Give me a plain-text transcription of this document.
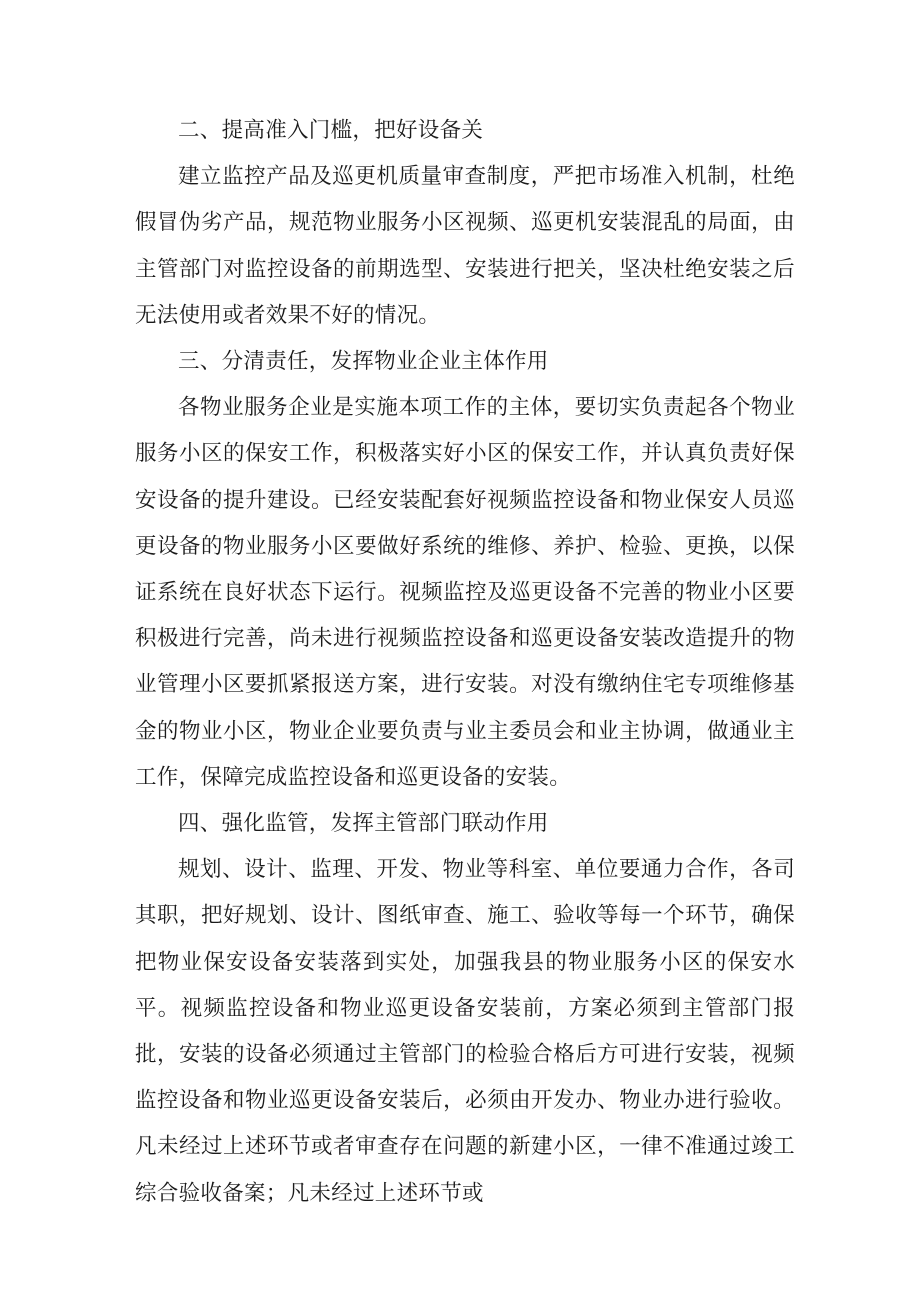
二、提高准入门槛，把好设备关

建立监控产品及巡更机质量审查制度，严把市场准入机制，杜绝假冒伪劣产品，规范物业服务小区视频、巡更机安装混乱的局面，由主管部门对监控设备的前期选型、安装进行把关，坚决杜绝安装之后无法使用或者效果不好的情况。

三、分清责任，发挥物业企业主体作用

各物业服务企业是实施本项工作的主体，要切实负责起各个物业服务小区的保安工作，积极落实好小区的保安工作，并认真负责好保安设备的提升建设。已经安装配套好视频监控设备和物业保安人员巡更设备的物业服务小区要做好系统的维修、养护、检验、更换，以保证系统在良好状态下运行。视频监控及巡更设备不完善的物业小区要积极进行完善，尚未进行视频监控设备和巡更设备安装改造提升的物业管理小区要抓紧报送方案，进行安装。对没有缴纳住宅专项维修基金的物业小区，物业企业要负责与业主委员会和业主协调，做通业主工作，保障完成监控设备和巡更设备的安装。

四、强化监管，发挥主管部门联动作用

规划、设计、监理、开发、物业等科室、单位要通力合作，各司其职，把好规划、设计、图纸审查、施工、验收等每一个环节，确保把物业保安设备安装落到实处，加强我县的物业服务小区的保安水平。视频监控设备和物业巡更设备安装前，方案必须到主管部门报批，安装的设备必须通过主管部门的检验合格后方可进行安装，视频监控设备和物业巡更设备安装后，必须由开发办、物业办进行验收。凡未经过上述环节或者审查存在问题的新建小区，一律不准通过竣工综合验收备案；凡未经过上述环节或
